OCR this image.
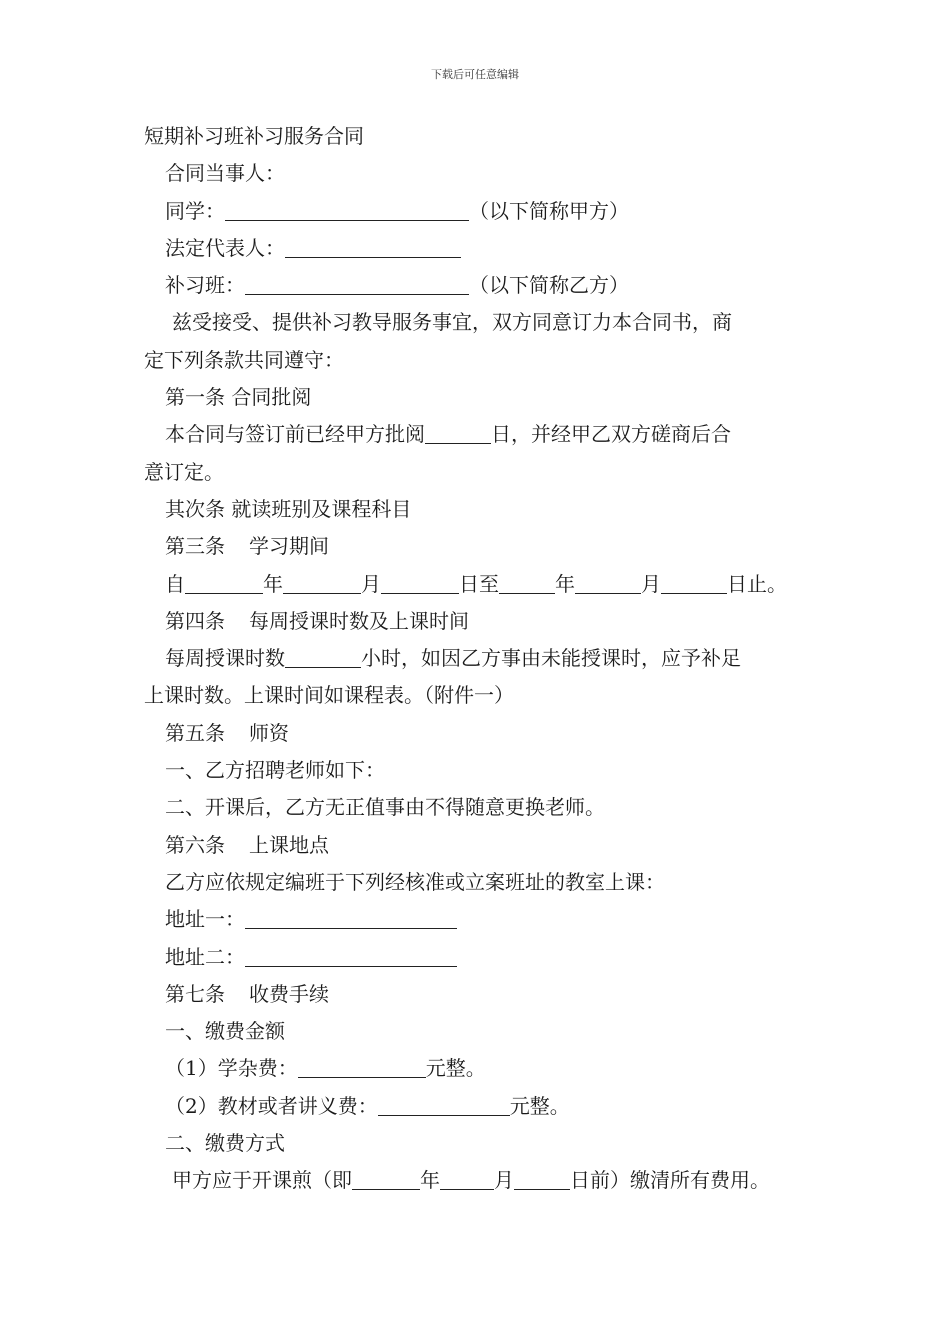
下载后可任意编辑
短期补习班补习服务合同
合同当事人：
同学：	（以下简称甲方）
法定代表人：
补习班：	（以下简称乙方）
兹受接受、提供补习教导服务事宜，双方同意订力本合同书，商
定下列条款共同遵守：
第一条 合同批阅
本合同与签订前已经甲方批阅	日，并经甲乙双方磋商后合
意订定。
其次条 就读班别及课程科目
第三条 学习期间
自	年	月	日至	年	月	日止。
第四条 每周授课时数及上课时间
每周授课时数	小时，如因乙方事由未能授课时，应予补足
上课时数。上课时间如课程表。（附件一）
第五条 师资
一、乙方招聘老师如下：
二、开课后，乙方无正值事由不得随意更换老师。
第六条 上课地点
乙方应依规定编班于下列经核准或立案班址的教室上课：
地址一：
地址二：
第七条 收费手续
一、缴费金额
（1）学杂费：	元整。
（2）教材或者讲义费：	元整。
二、缴费方式
甲方应于开课煎（即	年	月	日前）缴清所有费用。
